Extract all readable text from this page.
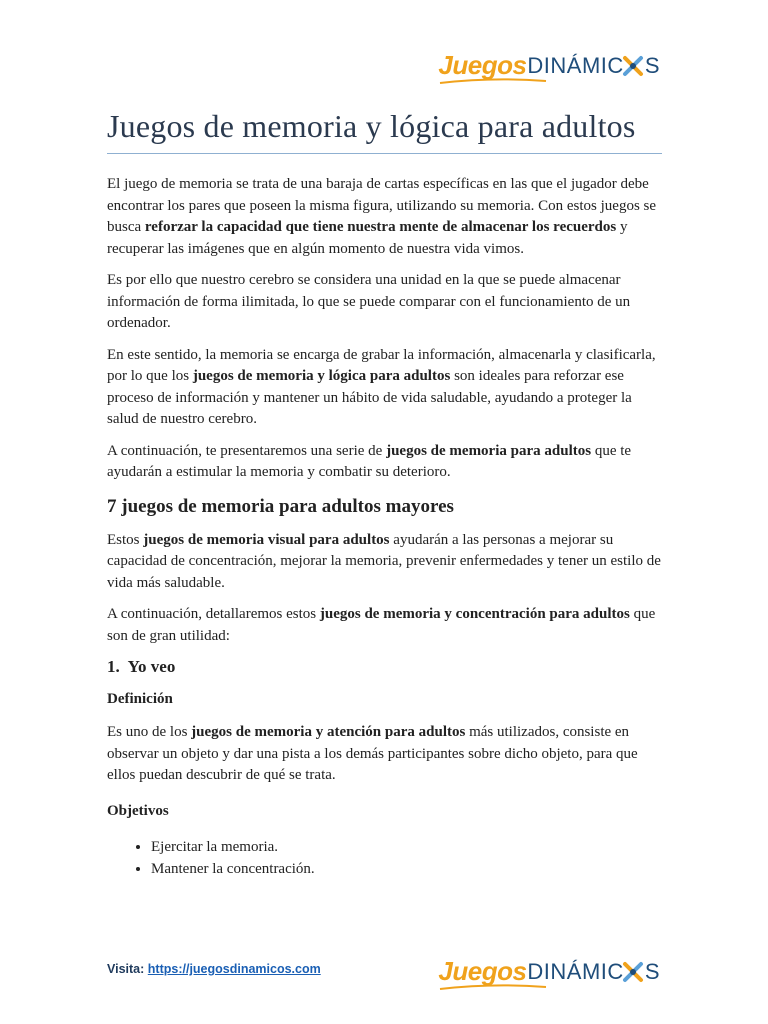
Juegos DINÁMIC S
Juegos de memoria y lógica para adultos

El juego de memoria se trata de una baraja de cartas específicas en las que el jugador debe encontrar los pares que poseen la misma figura, utilizando su memoria. Con estos juegos se busca reforzar la capacidad que tiene nuestra mente de almacenar los recuerdos y recuperar las imágenes que en algún momento de nuestra vida vimos.

Es por ello que nuestro cerebro se considera una unidad en la que se puede almacenar información de forma ilimitada, lo que se puede comparar con el funcionamiento de un ordenador.

En este sentido, la memoria se encarga de grabar la información, almacenarla y clasificarla, por lo que los juegos de memoria y lógica para adultos son ideales para reforzar ese proceso de información y mantener un hábito de vida saludable, ayudando a proteger la salud de nuestro cerebro.

A continuación, te presentaremos una serie de juegos de memoria para adultos que te ayudarán a estimular la memoria y combatir su deterioro.

7 juegos de memoria para adultos mayores

Estos juegos de memoria visual para adultos ayudarán a las personas a mejorar su capacidad de concentración, mejorar la memoria, prevenir enfermedades y tener un estilo de vida más saludable.

A continuación, detallaremos estos juegos de memoria y concentración para adultos que son de gran utilidad:

1. Yo veo
Definición

Es uno de los juegos de memoria y atención para adultos más utilizados, consiste en observar un objeto y dar una pista a los demás participantes sobre dicho objeto, para que ellos puedan descubrir de qué se trata.

Objetivos
• Ejercitar la memoria.
• Mantener la concentración.
Visita: https://juegosdinamicos.com	Juegos DINÁMIC S
